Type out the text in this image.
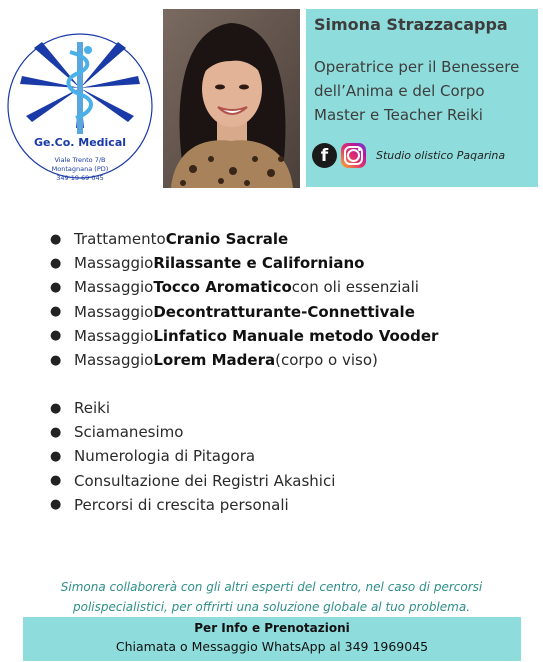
Ge.Co. Medical
Viale Trento 7/B
Montagnana (PD)
349 19 69 045
Simona Strazzacappa
Operatrice per il Benessere
dell’Anima e del Corpo
Master e Teacher Reiki
f	Studio olistico Paqarina
● Trattamento Cranio Sacrale
● Massaggio Rilassante e Californiano
● Massaggio Tocco Aromatico con oli essenziali
● Massaggio Decontratturante-Connettivale
● Massaggio Linfatico Manuale metodo Vooder
● Massaggio Lorem Madera (corpo o viso)
● Reiki
● Sciamanesimo
● Numerologia di Pitagora
● Consultazione dei Registri Akashici
● Percorsi di crescita personali
Simona collaborerà con gli altri esperti del centro, nel caso di percorsi
polispecialistici, per offrirti una soluzione globale al tuo problema.
Per Info e Prenotazioni
Chiamata o Messaggio WhatsApp al 349 1969045
